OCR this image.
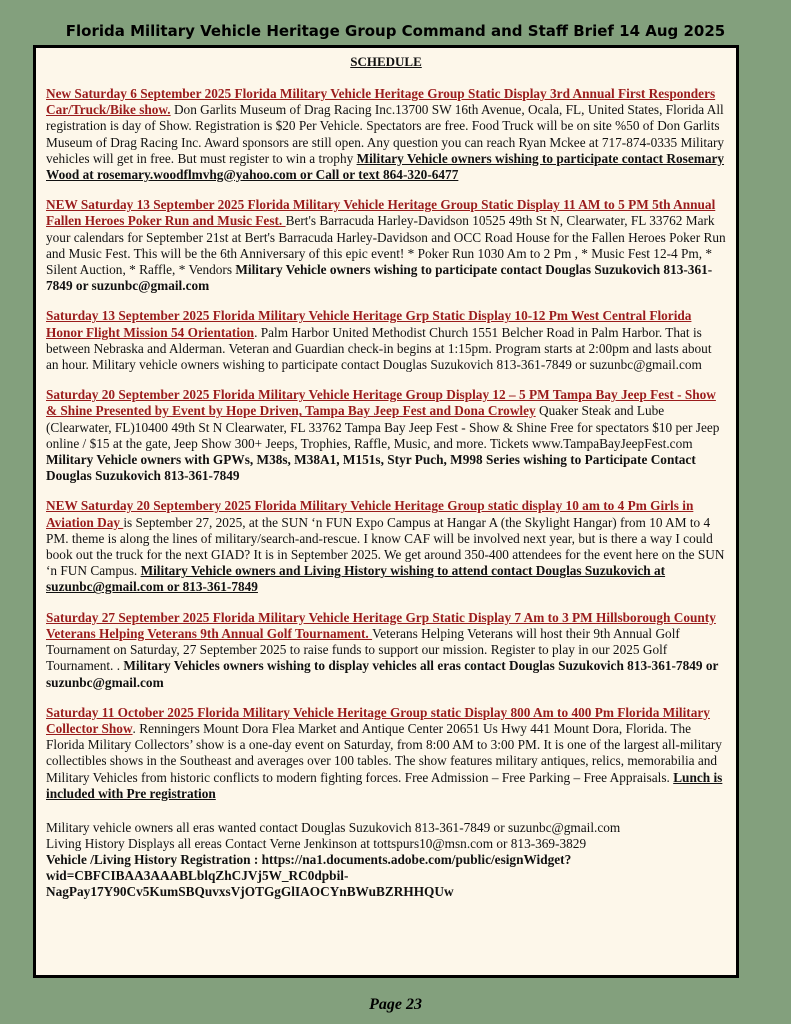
Florida Military Vehicle Heritage Group Command and Staff Brief 14 Aug 2025
SCHEDULE
New Saturday 6 September 2025 Florida Military Vehicle Heritage Group Static Display 3rd Annual First Responders Car/Truck/Bike show. Don Garlits Museum of Drag Racing Inc.13700 SW 16th Avenue, Ocala, FL, United States, Florida All registration is day of Show. Registration is $20 Per Vehicle. Spectators are free. Food Truck will be on site %50 of Don Garlits Museum of Drag Racing Inc. Award sponsors are still open. Any question you can reach Ryan Mckee at 717-874-0335 Military vehicles will get in free. But must register to win a trophy Military Vehicle owners wishing to participate contact Rosemary Wood at rosemary.woodflmvhg@yahoo.com or Call or text 864-320-6477
NEW Saturday 13 September 2025 Florida Military Vehicle Heritage Group Static Display 11 AM to 5 PM 5th Annual Fallen Heroes Poker Run and Music Fest. Bert's Barracuda Harley-Davidson 10525 49th St N, Clearwater, FL 33762 Mark your calendars for September 21st at Bert's Barracuda Harley-Davidson and OCC Road House for the Fallen Heroes Poker Run and Music Fest. This will be the 6th Anniversary of this epic event! * Poker Run 1030 Am to 2 Pm , * Music Fest 12-4 Pm, * Silent Auction, * Raffle, * Vendors Military Vehicle owners wishing to participate contact Douglas Suzukovich 813-361-7849 or suzunbc@gmail.com
Saturday 13 September 2025 Florida Military Vehicle Heritage Grp Static Display 10-12 Pm West Central Florida Honor Flight Mission 54 Orientation. Palm Harbor United Methodist Church 1551 Belcher Road in Palm Harbor. That is between Nebraska and Alderman. Veteran and Guardian check-in begins at 1:15pm. Program starts at 2:00pm and lasts about an hour. Military vehicle owners wishing to participate contact Douglas Suzukovich 813-361-7849 or suzunbc@gmail.com
Saturday 20 September 2025 Florida Military Vehicle Heritage Group Display 12 – 5 PM Tampa Bay Jeep Fest - Show & Shine Presented by Event by Hope Driven, Tampa Bay Jeep Fest and Dona Crowley Quaker Steak and Lube (Clearwater, FL)10400 49th St N Clearwater, FL 33762 Tampa Bay Jeep Fest - Show & Shine Free for spectators $10 per Jeep online / $15 at the gate, Jeep Show 300+ Jeeps, Trophies, Raffle, Music, and more. Tickets www.TampaBayJeepFest.com Military Vehicle owners with GPWs, M38s, M38A1, M151s, Styr Puch, M998 Series wishing to Participate Contact Douglas Suzukovich 813-361-7849
NEW Saturday 20 Septembery 2025 Florida Military Vehicle Heritage Group static display 10 am to 4 Pm Girls in Aviation Day is September 27, 2025, at the SUN ‘n FUN Expo Campus at Hangar A (the Skylight Hangar) from 10 AM to 4 PM. theme is along the lines of military/search-and-rescue. I know CAF will be involved next year, but is there a way I could book out the truck for the next GIAD? It is in September 2025. We get around 350-400 attendees for the event here on the SUN ‘n FUN Campus. Military Vehicle owners and Living History wishing to attend contact Douglas Suzukovich at suzunbc@gmail.com or 813-361-7849
Saturday 27 September 2025 Florida Military Vehicle Heritage Grp Static Display 7 Am to 3 PM Hillsborough County Veterans Helping Veterans 9th Annual Golf Tournament. Veterans Helping Veterans will host their 9th Annual Golf Tournament on Saturday, 27 September 2025 to raise funds to support our mission. Register to play in our 2025 Golf Tournament. . Military Vehicles owners wishing to display vehicles all eras contact Douglas Suzukovich 813-361-7849 or suzunbc@gmail.com
Saturday 11 October 2025 Florida Military Vehicle Heritage Group static Display 800 Am to 400 Pm Florida Military Collector Show. Renningers Mount Dora Flea Market and Antique Center 20651 Us Hwy 441 Mount Dora, Florida. The Florida Military Collectors’ show is a one-day event on Saturday, from 8:00 AM to 3:00 PM. It is one of the largest all-military collectibles shows in the Southeast and averages over 100 tables. The show features military antiques, relics, memorabilia and Military Vehicles from historic conflicts to modern fighting forces. Free Admission – Free Parking – Free Appraisals. Lunch is included with Pre registration
Military vehicle owners all eras wanted contact Douglas Suzukovich 813-361-7849 or suzunbc@gmail.com
Living History Displays all ereas Contact Verne Jenkinson at tottspurs10@msn.com or 813-369-3829
Vehicle /Living History Registration : https://na1.documents.adobe.com/public/esignWidget?wid=CBFCIBAA3AAABLblqZhCJVj5W_RC0dpbil-NagPay17Y90Cv5KumSBQuvxsVjOTGgGlIAOCYnBWuBZRHHQUw
Page 23
